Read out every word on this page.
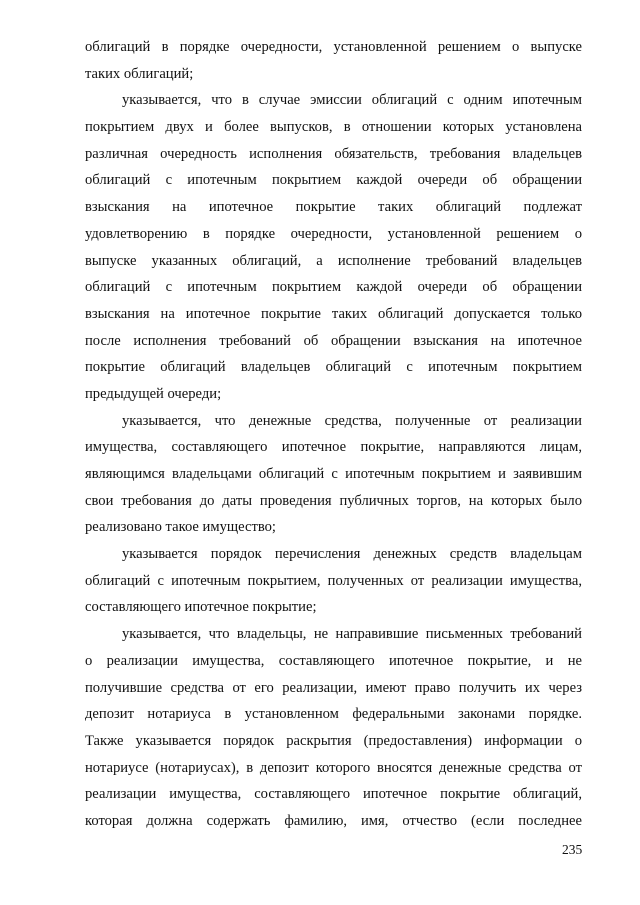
облигаций в порядке очередности, установленной решением о выпуске
таких облигаций;
указывается, что в случае эмиссии облигаций с одним ипотечным
покрытием двух и более выпусков, в отношении которых установлена
различная очередность исполнения обязательств, требования владельцев
облигаций с ипотечным покрытием каждой очереди об обращении
взыскания на ипотечное покрытие таких облигаций подлежат
удовлетворению в порядке очередности, установленной решением о
выпуске указанных облигаций, а исполнение требований владельцев
облигаций с ипотечным покрытием каждой очереди об обращении
взыскания на ипотечное покрытие таких облигаций допускается только
после исполнения требований об обращении взыскания на ипотечное
покрытие облигаций владельцев облигаций с ипотечным покрытием
предыдущей очереди;
указывается, что денежные средства, полученные от реализации
имущества, составляющего ипотечное покрытие, направляются лицам,
являющимся владельцами облигаций с ипотечным покрытием и заявившим
свои требования до даты проведения публичных торгов, на которых было
реализовано такое имущество;
указывается порядок перечисления денежных средств владельцам
облигаций с ипотечным покрытием, полученных от реализации имущества,
составляющего ипотечное покрытие;
указывается, что владельцы, не направившие письменных требований
о реализации имущества, составляющего ипотечное покрытие, и не
получившие средства от его реализации, имеют право получить их через
депозит нотариуса в установленном федеральными законами порядке.
Также указывается порядок раскрытия (предоставления) информации о
нотариусе (нотариусах), в депозит которого вносятся денежные средства от
реализации имущества, составляющего ипотечное покрытие облигаций,
которая должна содержать фамилию, имя, отчество (если последнее
235
